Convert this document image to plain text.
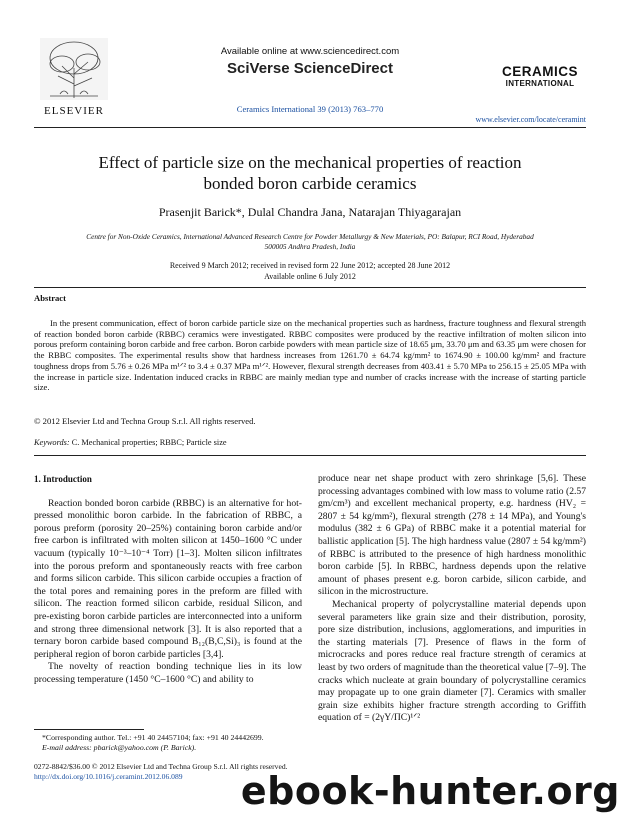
ELSEVIER
Available online at www.sciencedirect.com
SciVerse ScienceDirect
Ceramics International 39 (2013) 763–770
CERAMICS
INTERNATIONAL
www.elsevier.com/locate/ceramint
Effect of particle size on the mechanical properties of reaction
bonded boron carbide ceramics
Prasenjit Barick*, Dulal Chandra Jana, Natarajan Thiyagarajan
Centre for Non-Oxide Ceramics, International Advanced Research Centre for Powder Metallurgy & New Materials, PO: Balapur, RCI Road, Hyderabad
500005 Andhra Pradesh, India
Received 9 March 2012; received in revised form 22 June 2012; accepted 28 June 2012
Available online 6 July 2012
Abstract
In the present communication, effect of boron carbide particle size on the mechanical properties such as hardness, fracture toughness and flexural strength of reaction bonded boron carbide (RBBC) ceramics were investigated. RBBC composites were produced by the reactive infiltration of molten silicon into porous preform containing boron carbide and free carbon. Boron carbide powders with mean particle size of 18.65 μm, 33.70 μm and 63.35 μm were chosen for the RBBC composites. The experimental results show that hardness increases from 1261.70 ± 64.74 kg/mm² to 1674.90 ± 100.00 kg/mm² and fracture toughness drops from 5.76 ± 0.26 MPa m¹ᐟ² to 3.4 ± 0.37 MPa m¹ᐟ². However, flexural strength decreases from 403.41 ± 5.70 MPa to 256.15 ± 25.05 MPa with the increase in particle size. Indentation induced cracks in RBBC are mainly median type and number of cracks increase with the increase of starting particle size.
© 2012 Elsevier Ltd and Techna Group S.r.l. All rights reserved.
Keywords: C. Mechanical properties; RBBC; Particle size
1. Introduction

Reaction bonded boron carbide (RBBC) is an alternative for hot-pressed monolithic boron carbide. In the fabrication of RBBC, a porous preform (porosity 20–25%) containing boron carbide and/or free carbon is infiltrated with molten silicon at 1450–1600 °C under vacuum (typically 10⁻³–10⁻⁴ Torr) [1–3]. Molten silicon infiltrates into the porous preform and spontaneously reacts with free carbon and forms silicon carbide. This silicon carbide occupies a fraction of the total pores and remaining pores in the preform are filled with silicon. The reaction formed silicon carbide, residual Silicon, and pre-existing boron carbide particles are interconnected into a uniform and strong three dimensional network [3]. It is also reported that a ternary boron carbide based compound B₁₂(B,C,Si)₃ is found at the peripheral region of boron carbide particles [3,4].

The novelty of reaction bonding technique lies in its low processing temperature (1450 °C–1600 °C) and ability to

produce near net shape product with zero shrinkage [5,6]. These processing advantages combined with low mass to volume ratio (2.57 gm/cm³) and excellent mechanical property, e.g. hardness (HV₂ = 2807 ± 54 kg/mm²), flexural strength (278 ± 14 MPa), and Young's modulus (382 ± 6 GPa) of RBBC make it a potential material for ballistic application [5]. The high hardness value (2807 ± 54 kg/mm²) of RBBC is attributed to the presence of high hardness monolithic boron carbide [5]. In RBBC, hardness depends upon the relative amount of phases present e.g. boron carbide, silicon carbide, and silicon in the microstructure.

Mechanical property of polycrystalline material depends upon several parameters like grain size and their distribution, porosity, pore size distribution, inclusions, agglomerations, and impurities in the starting materials [7]. Presence of flaws in the form of microcracks and pores reduce real fracture strength of ceramics at least by two orders of magnitude than the theoretical value [7–9]. The cracks which nucleate at grain boundary of polycrystalline ceramics may propagate up to one grain diameter [7]. Ceramics with smaller grain size exhibits higher fracture strength according to Griffith equation σf = (2γY/ΠC)¹ᐟ²

*Corresponding author. Tel.: +91 40 24457104; fax: +91 40 24442699.
E-mail address: pbarick@yahoo.com (P. Barick).
0272-8842/$36.00 © 2012 Elsevier Ltd and Techna Group S.r.l. All rights reserved.
http://dx.doi.org/10.1016/j.ceramint.2012.06.089	ebook-hunter.org
